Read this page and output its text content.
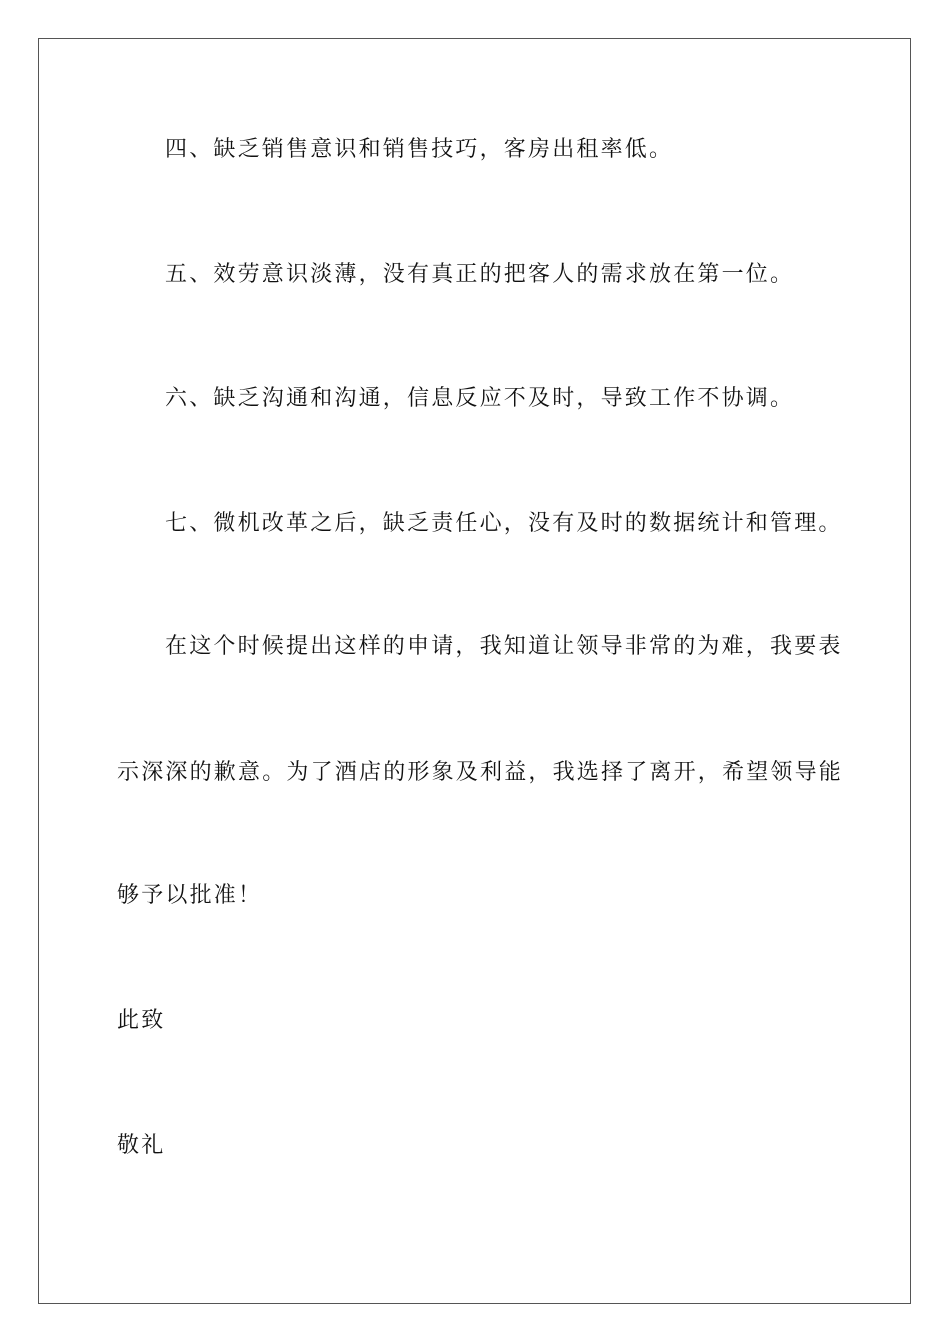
四、缺乏销售意识和销售技巧，客房出租率低。
五、效劳意识淡薄，没有真正的把客人的需求放在第一位。
六、缺乏沟通和沟通，信息反应不及时，导致工作不协调。
七、微机改革之后，缺乏责任心，没有及时的数据统计和管理。
在这个时候提出这样的申请，我知道让领导非常的为难，我要表
示深深的歉意。为了酒店的形象及利益，我选择了离开，希望领导能
够予以批准！
此致
敬礼
